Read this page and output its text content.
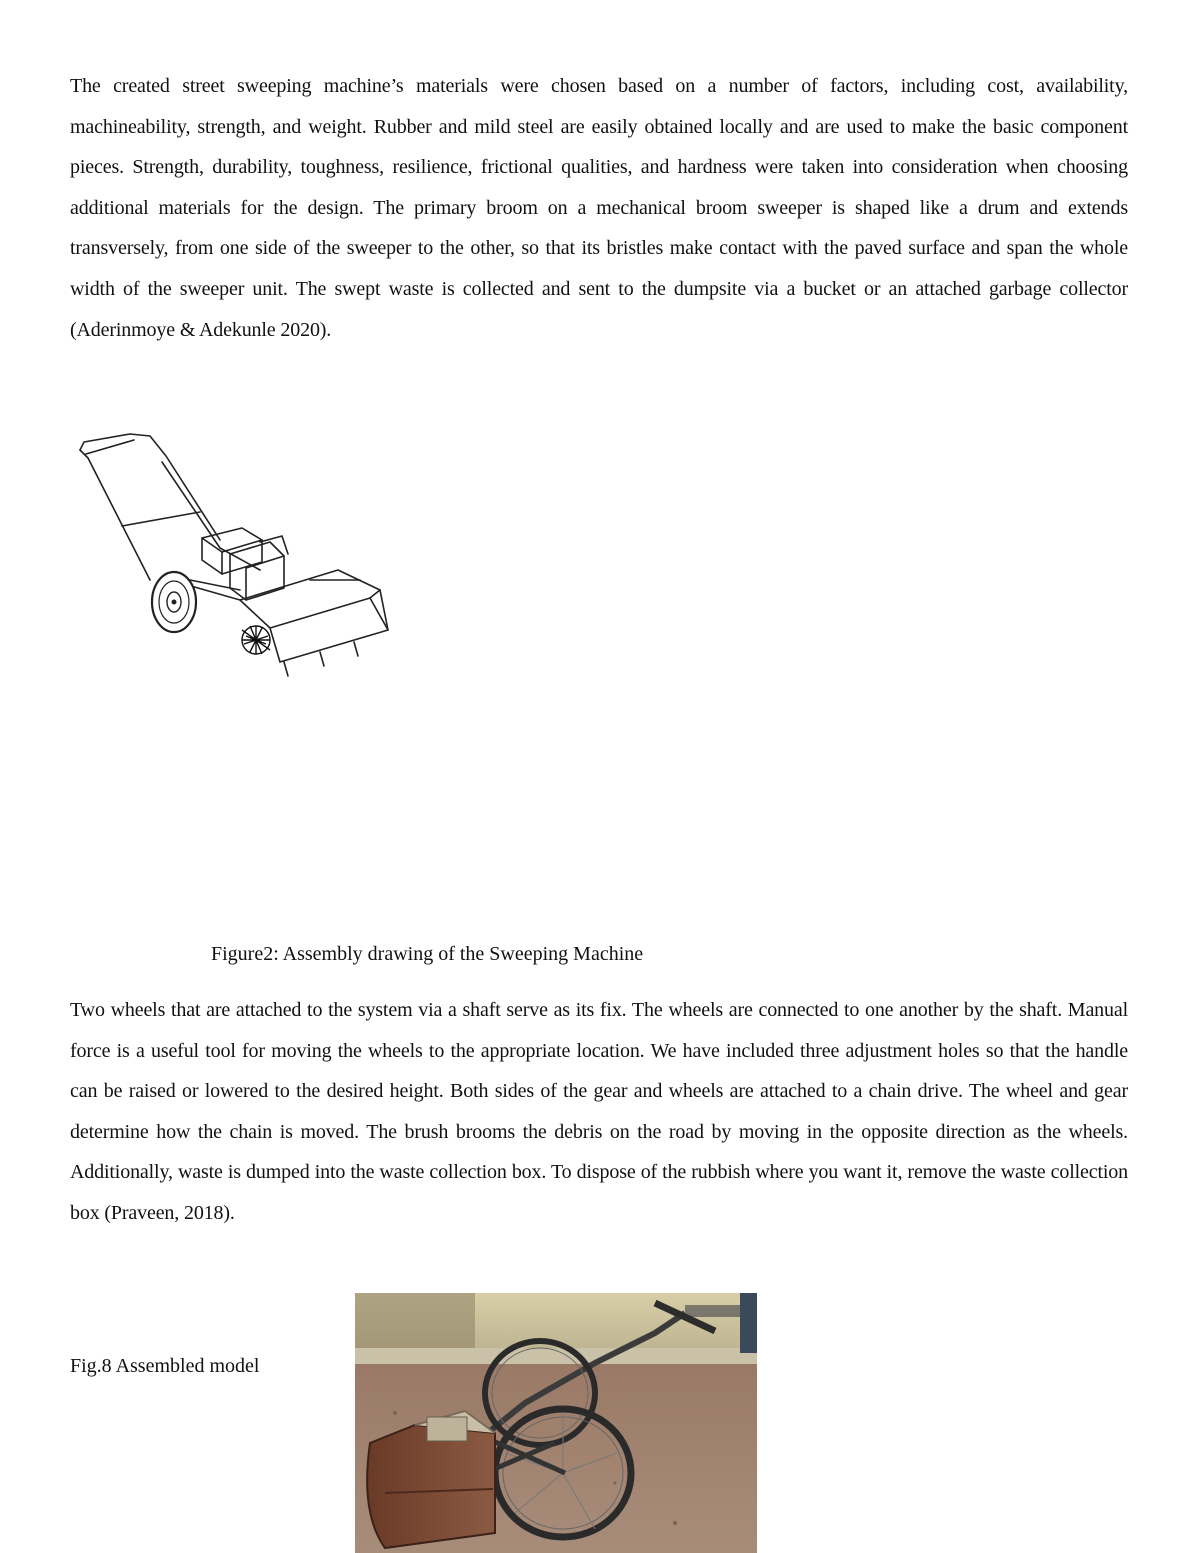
The created street sweeping machine’s materials were chosen based on a number of factors, including cost, availability, machineability, strength, and weight. Rubber and mild steel are easily obtained locally and are used to make the basic component pieces. Strength, durability, toughness, resilience, frictional qualities, and hardness were taken into consideration when choosing additional materials for the design. The primary broom on a mechanical broom sweeper is shaped like a drum and extends transversely, from one side of the sweeper to the other, so that its bristles make contact with the paved surface and span the whole width of the sweeper unit. The swept waste is collected and sent to the dumpsite via a bucket or an attached garbage collector (Aderinmoye & Adekunle 2020).

Figure2: Assembly drawing of the Sweeping Machine

Two wheels that are attached to the system via a shaft serve as its fix. The wheels are connected to one another by the shaft. Manual force is a useful tool for moving the wheels to the appropriate location. We have included three adjustment holes so that the handle can be raised or lowered to the desired height. Both sides of the gear and wheels are attached to a chain drive. The wheel and gear determine how the chain is moved. The brush brooms the debris on the road by moving in the opposite direction as the wheels. Additionally, waste is dumped into the waste collection box. To dispose of the rubbish where you want it, remove the waste collection box (Praveen, 2018).

Fig.8 Assembled model
